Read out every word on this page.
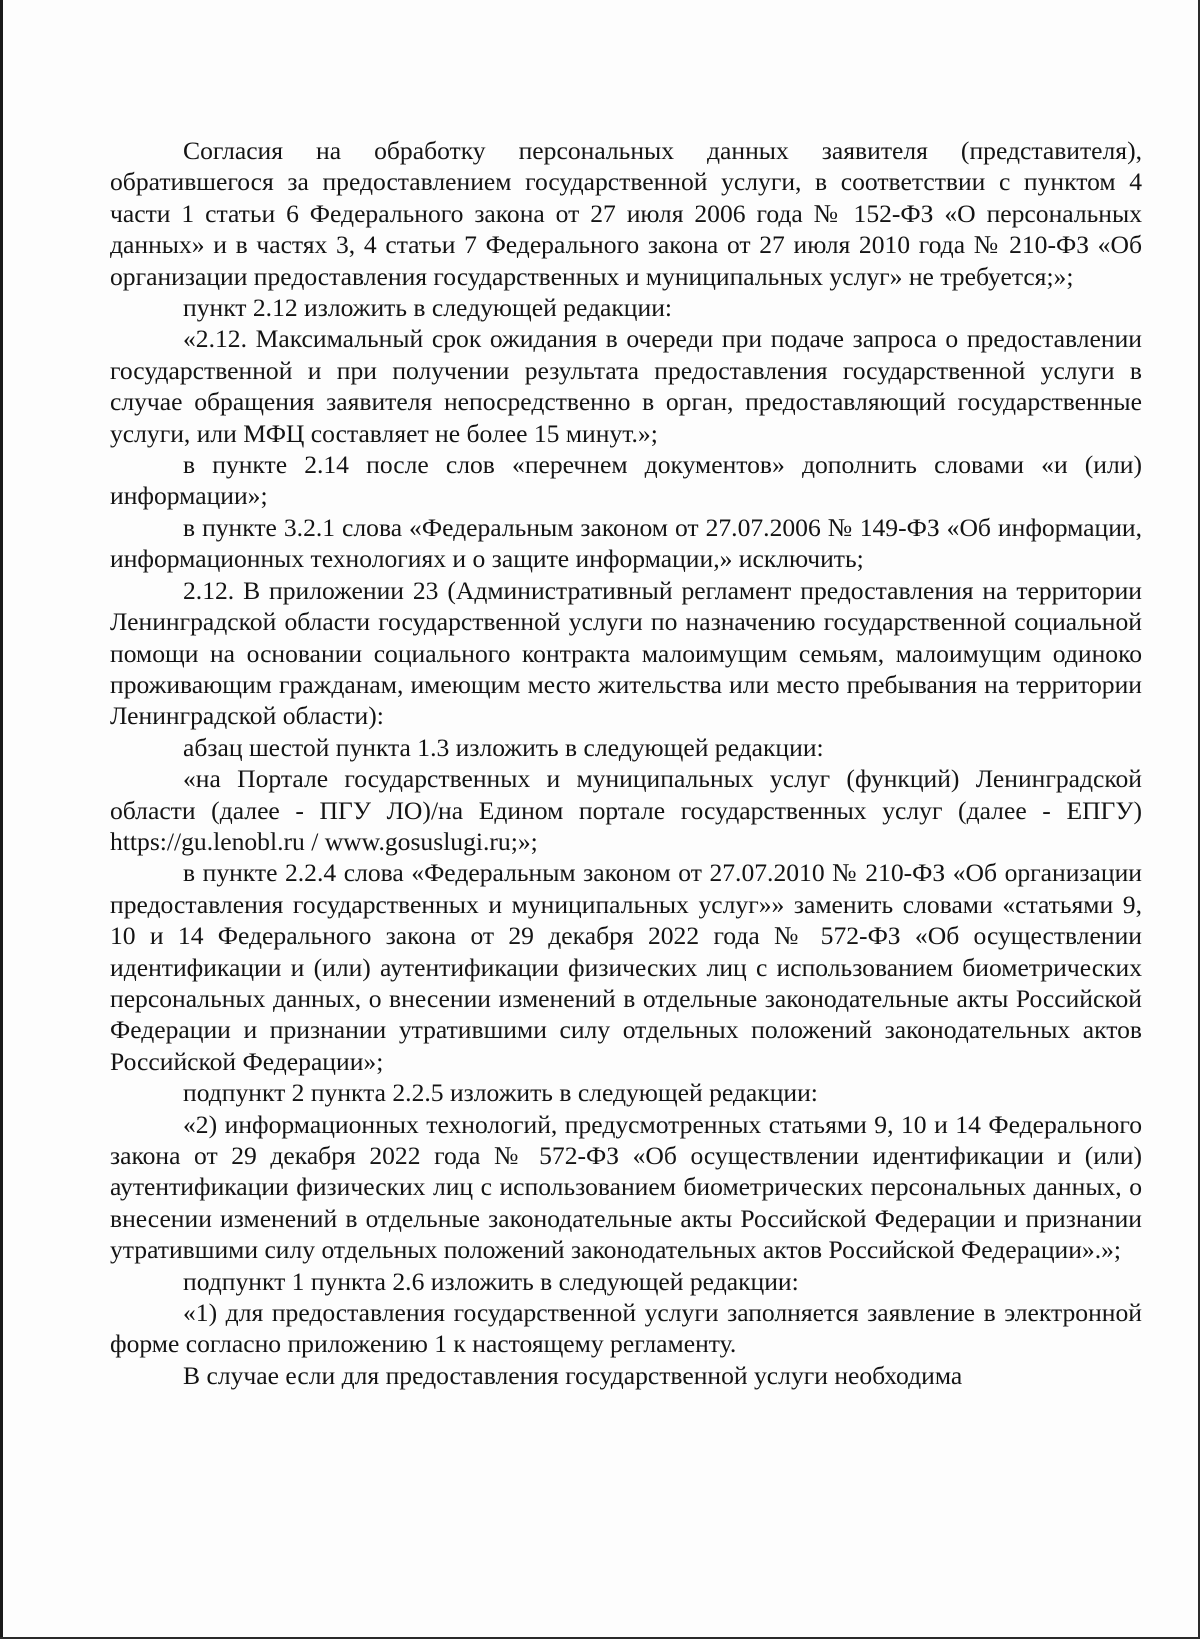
Согласия на обработку персональных данных заявителя (представителя), обратившегося за предоставлением государственной услуги, в соответствии с пунктом 4 части 1 статьи 6 Федерального закона от 27 июля 2006 года № 152-ФЗ «О персональных данных» и в частях 3, 4 статьи 7 Федерального закона от 27 июля 2010 года № 210-ФЗ «Об организации предоставления государственных и муниципальных услуг» не требуется;»;

пункт 2.12 изложить в следующей редакции:

«2.12. Максимальный срок ожидания в очереди при подаче запроса о предоставлении государственной и при получении результата предоставления государственной услуги в случае обращения заявителя непосредственно в орган, предоставляющий государственные услуги, или МФЦ составляет не более 15 минут.»;

в пункте 2.14 после слов «перечнем документов» дополнить словами «и (или) информации»;

в пункте 3.2.1 слова «Федеральным законом от 27.07.2006 № 149-ФЗ «Об информации, информационных технологиях и о защите информации,» исключить;

2.12. В приложении 23 (Административный регламент предоставления на территории Ленинградской области государственной услуги по назначению государственной социальной помощи на основании социального контракта малоимущим семьям, малоимущим одиноко проживающим гражданам, имеющим место жительства или место пребывания на территории Ленинградской области):

абзац шестой пункта 1.3 изложить в следующей редакции:

«на Портале государственных и муниципальных услуг (функций) Ленинградской области (далее - ПГУ ЛО)/на Едином портале государственных услуг (далее - ЕПГУ) https://gu.lenobl.ru / www.gosuslugi.ru;»;

в пункте 2.2.4 слова «Федеральным законом от 27.07.2010 № 210-ФЗ «Об организации предоставления государственных и муниципальных услуг»» заменить словами «статьями 9, 10 и 14 Федерального закона от 29 декабря 2022 года № 572-ФЗ «Об осуществлении идентификации и (или) аутентификации физических лиц с использованием биометрических персональных данных, о внесении изменений в отдельные законодательные акты Российской Федерации и признании утратившими силу отдельных положений законодательных актов Российской Федерации»;

подпункт 2 пункта 2.2.5 изложить в следующей редакции:

«2) информационных технологий, предусмотренных статьями 9, 10 и 14 Федерального закона от 29 декабря 2022 года № 572-ФЗ «Об осуществлении идентификации и (или) аутентификации физических лиц с использованием биометрических персональных данных, о внесении изменений в отдельные законодательные акты Российской Федерации и признании утратившими силу отдельных положений законодательных актов Российской Федерации».»;

подпункт 1 пункта 2.6 изложить в следующей редакции:

«1) для предоставления государственной услуги заполняется заявление в электронной форме согласно приложению 1 к настоящему регламенту.

В случае если для предоставления государственной услуги необходима
